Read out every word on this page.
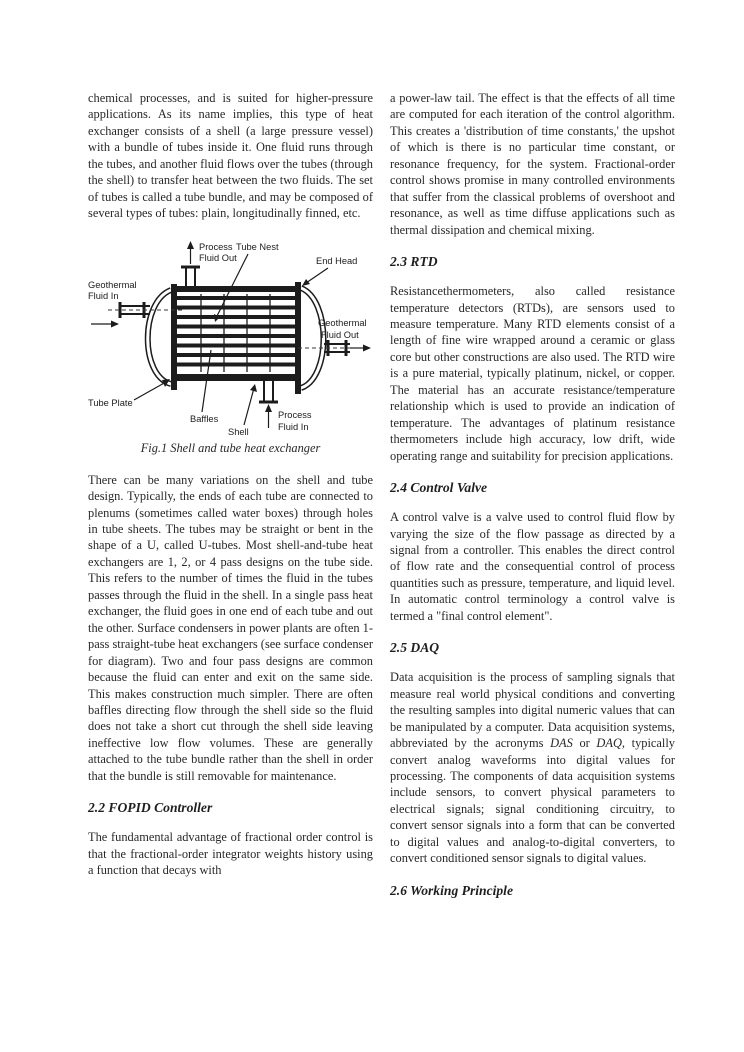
chemical processes, and is suited for higher-pressure applications. As its name implies, this type of heat exchanger consists of a shell (a large pressure vessel) with a bundle of tubes inside it. One fluid runs through the tubes, and another fluid flows over the tubes (through the shell) to transfer heat between the two fluids. The set of tubes is called a tube bundle, and may be composed of several types of tubes: plain, longitudinally finned, etc.

Process
Fluid Out
Tube Nest
End Head
Geothermal
Fluid In
Geothermal
Fluid Out
Tube Plate
Baffles
Shell
Process
Fluid In
Fig.1 Shell and tube heat exchanger

There can be many variations on the shell and tube design. Typically, the ends of each tube are connected to plenums (sometimes called water boxes) through holes in tube sheets. The tubes may be straight or bent in the shape of a U, called U-tubes. Most shell-and-tube heat exchangers are 1, 2, or 4 pass designs on the tube side. This refers to the number of times the fluid in the tubes passes through the fluid in the shell. In a single pass heat exchanger, the fluid goes in one end of each tube and out the other. Surface condensers in power plants are often 1-pass straight-tube heat exchangers (see surface condenser for diagram). Two and four pass designs are common because the fluid can enter and exit on the same side. This makes construction much simpler. There are often baffles directing flow through the shell side so the fluid does not take a short cut through the shell side leaving ineffective low flow volumes. These are generally attached to the tube bundle rather than the shell in order that the bundle is still removable for maintenance.

2.2 FOPID Controller

The fundamental advantage of fractional order control is that the fractional-order integrator weights history using a function that decays with

a power-law tail. The effect is that the effects of all time are computed for each iteration of the control algorithm. This creates a 'distribution of time constants,' the upshot of which is there is no particular time constant, or resonance frequency, for the system. Fractional-order control shows promise in many controlled environments that suffer from the classical problems of overshoot and resonance, as well as time diffuse applications such as thermal dissipation and chemical mixing.

2.3 RTD

Resistancethermometers, also called resistance temperature detectors (RTDs), are sensors used to measure temperature. Many RTD elements consist of a length of fine wire wrapped around a ceramic or glass core but other constructions are also used. The RTD wire is a pure material, typically platinum, nickel, or copper. The material has an accurate resistance/temperature relationship which is used to provide an indication of temperature. The advantages of platinum resistance thermometers include high accuracy, low drift, wide operating range and suitability for precision applications.

2.4 Control Valve

A control valve is a valve used to control fluid flow by varying the size of the flow passage as directed by a signal from a controller. This enables the direct control of flow rate and the consequential control of process quantities such as pressure, temperature, and liquid level. In automatic control terminology a control valve is termed a "final control element".

2.5 DAQ

Data acquisition is the process of sampling signals that measure real world physical conditions and converting the resulting samples into digital numeric values that can be manipulated by a computer. Data acquisition systems, abbreviated by the acronyms DAS or DAQ, typically convert analog waveforms into digital values for processing. The components of data acquisition systems include sensors, to convert physical parameters to electrical signals; signal conditioning circuitry, to convert sensor signals into a form that can be converted to digital values and analog-to-digital converters, to convert conditioned sensor signals to digital values.

2.6 Working Principle
